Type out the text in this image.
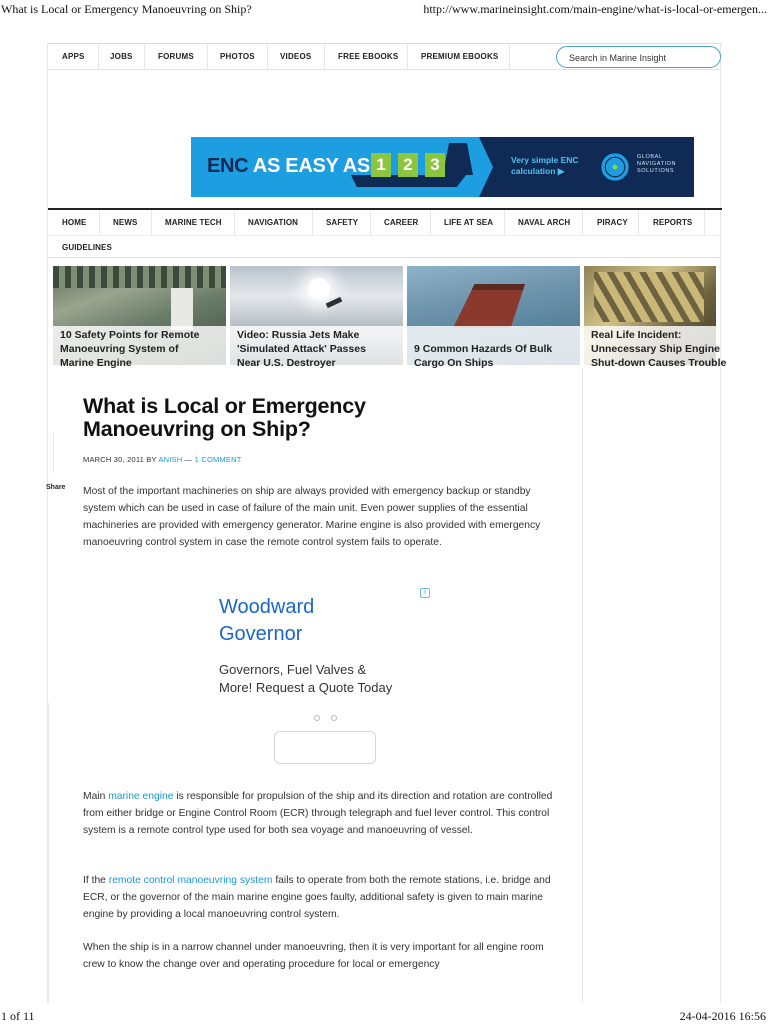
What is Local or Emergency Manoeuvring on Ship?	http://www.marineinsight.com/main-engine/what-is-local-or-emergen...
APPS	JOBS	FORUMS	PHOTOS	VIDEOS	FREE EBOOKS	PREMIUM EBOOKS
Search in Marine Insight
ENC AS EASY AS 1	2	3	Very simple ENC
calculation ▶
GLOBAL
NAVIGATION
SOLUTIONS
HOME	NEWS	MARINE TECH	NAVIGATION	SAFETY	CAREER	LIFE AT SEA	NAVAL ARCH	PIRACY	REPORTS
GUIDELINES
10 Safety Points for Remote
Manoeuvring System of
Marine Engine
Video: Russia Jets Make
'Simulated Attack' Passes
Near U.S. Destroyer

9 Common Hazards Of Bulk
Cargo On Ships
Real Life Incident:
Unnecessary Ship Engine
Shut-down Causes Trouble
What is Local or Emergency Manoeuvring on Ship?
MARCH 30, 2011 BY ANISH — 1 COMMENT
Share Most of the important machineries on ship are always provided with emergency backup or standby system which can be used in case of failure of the main unit. Even power supplies of the essential machineries are provided with emergency generator. Marine engine is also provided with emergency manoeuvring control system in case the remote control system fails to operate.

Woodward
Governor
Governors, Fuel Valves &
More! Request a Quote Today
i

Main marine engine is responsible for propulsion of the ship and its direction and rotation are controlled from either bridge or Engine Control Room (ECR) through telegraph and fuel lever control. This control system is a remote control type used for both sea voyage and manoeuvring of vessel.

If the remote control manoeuvring system fails to operate from both the remote stations, i.e. bridge and ECR, or the governor of the main marine engine goes faulty, additional safety is given to main marine engine by providing a local manoeuvring control system.

When the ship is in a narrow channel under manoeuvring, then it is very important for all engine room crew to know the change over and operating procedure for local or emergency

1 of 11	24-04-2016 16:56
